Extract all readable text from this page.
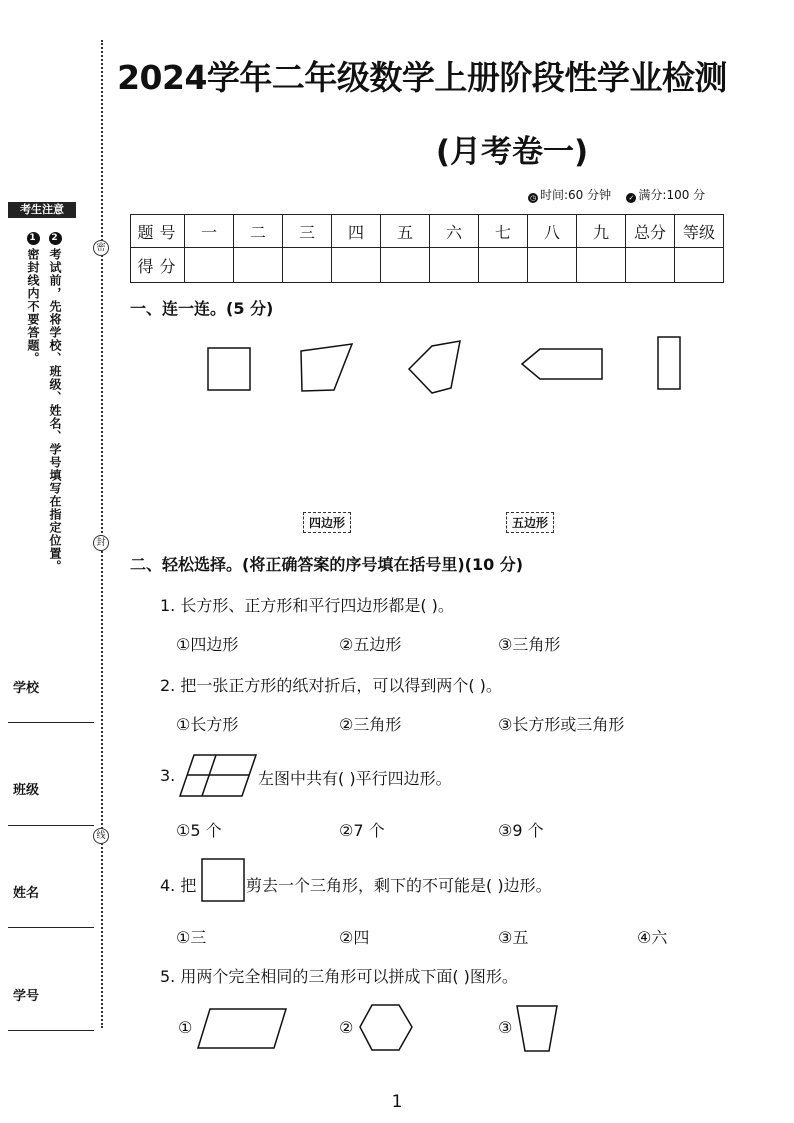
2024学年二年级数学上册阶段性学业检测
(月考卷一)
◷ 时间:60 分钟 ✓ 满分:100 分
考生注意
1密封线内不要答题。
2考试前，先将学校、班级、姓名、学号填写在指定位置。	密
封
线
学校
班级
姓名
学号
题号	一	二	三	四	五	六	七	八	九	总分	等级
得分											
一、连一连。(5 分)
四边形	五边形
二、轻松选择。(将正确答案的序号填在括号里)(10 分)
1. 长方形、正方形和平行四边形都是( )。
①四边形	②五边形	③三角形
2. 把一张正方形的纸对折后，可以得到两个( )。
①长方形	②三角形	③长方形或三角形
3.	左图中共有( )平行四边形。
①5 个	②7 个	③9 个
4. 把	剪去一个三角形，剩下的不可能是( )边形。
①三	②四	③五	④六
5. 用两个完全相同的三角形可以拼成下面( )图形。
①	②	③
1
